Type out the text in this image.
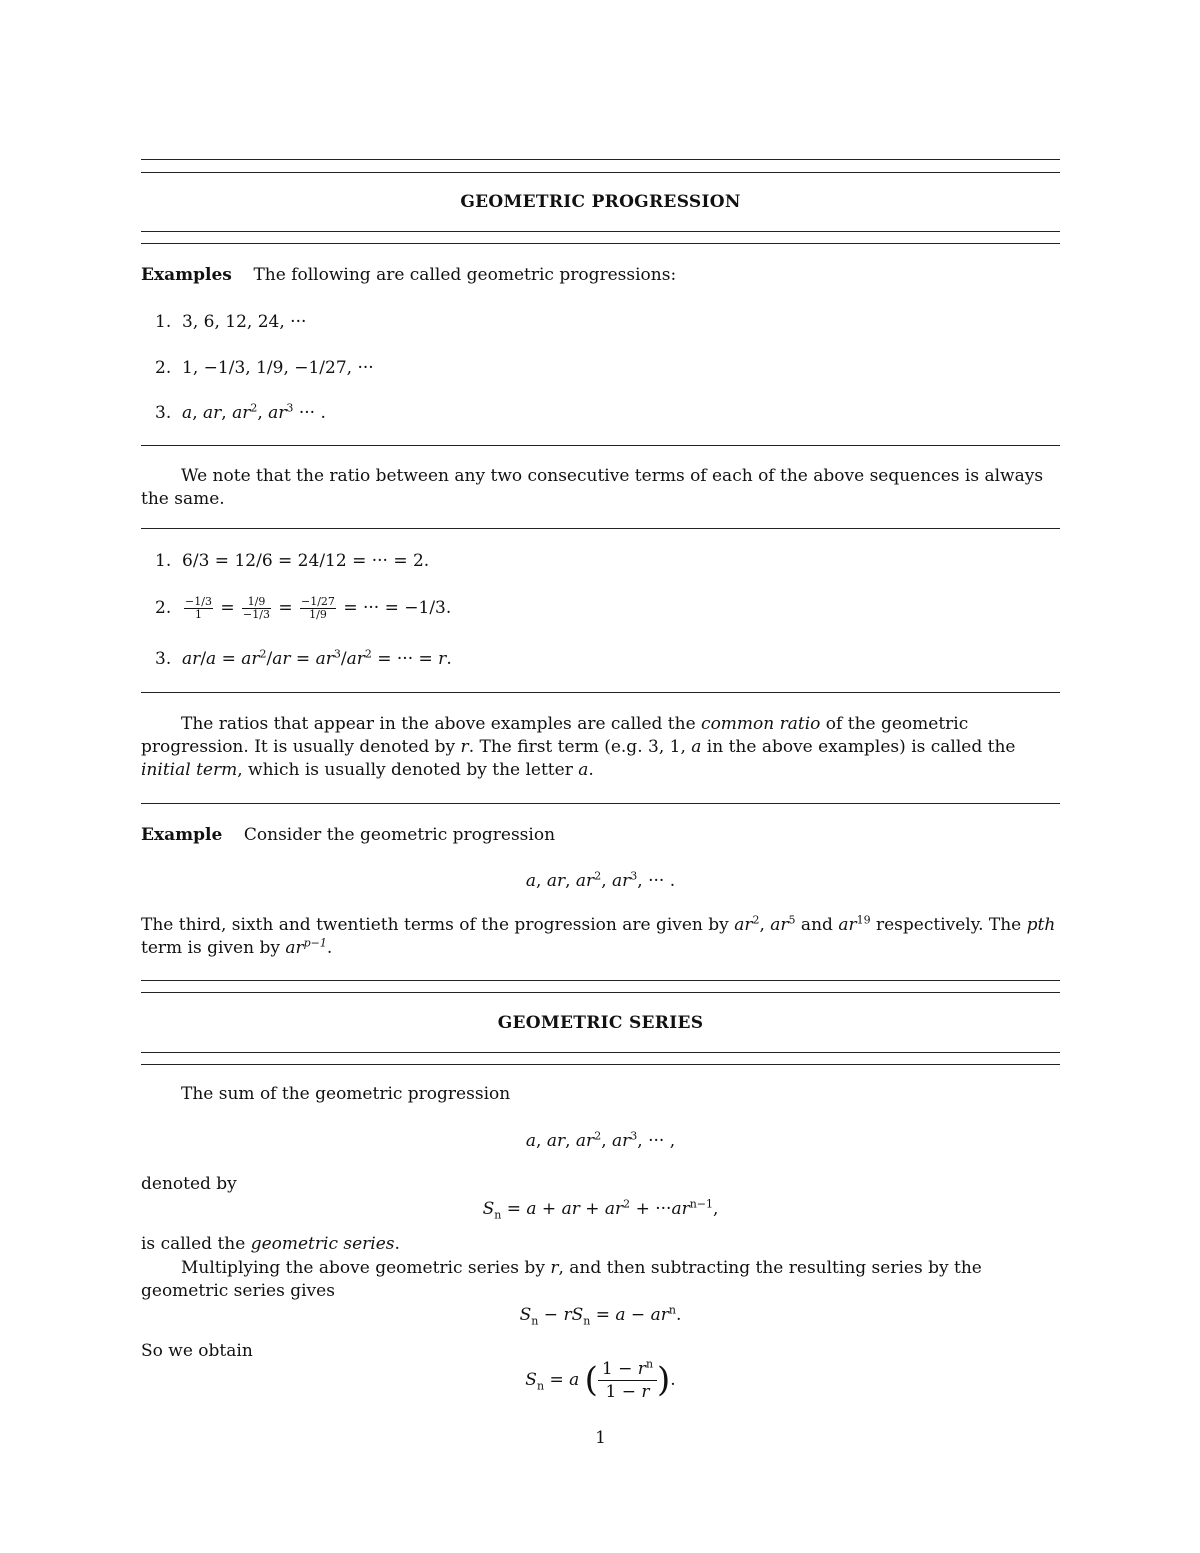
GEOMETRIC PROGRESSION
Examples The following are called geometric progressions:
1. 3, 6, 12, 24, ···
2. 1, −1/3, 1/9, −1/27, ···
3. a, ar, $ar^2$, $ar^3$ ··· .
We note that the ratio between any two consecutive terms of each of the above sequences is always the same.
1. 6/3 = 12/6 = 24/12 = ··· = 2.
2. $\frac{-1/3}{1} = \frac{1/9}{-1/3} = \frac{-1/27}{1/9}$ = ··· = −1/3.
3. $ar/a = ar^2/ar = ar^3/ar^2$ = ··· = r.
The ratios that appear in the above examples are called the common ratio of the geometric progression. It is usually denoted by r. The first term (e.g. 3, 1, a in the above examples) is called the initial term, which is usually denoted by the letter a.
Example Consider the geometric progression
a, ar, $ar^2$, $ar^3$, ··· .
The third, sixth and twentieth terms of the progression are given by $ar^2$, $ar^5$ and $ar^{19}$ respectively. The pth term is given by $ar^{p-1}$.
GEOMETRIC SERIES
The sum of the geometric progression
a, ar, $ar^2$, $ar^3$, ··· ,
denoted by
$S_n = a$ + ar + $ar^2 + \cdot\cdot\cdot ar^{n-1}$,
is called the geometric series.
Multiplying the above geometric series by r, and then subtracting the resulting series by the geometric series gives
$S_n - rS_n = a - ar^n$.
So we obtain
$S_n = a$ ( $\frac{1 - r^n}{1 - r}$ ).
1
